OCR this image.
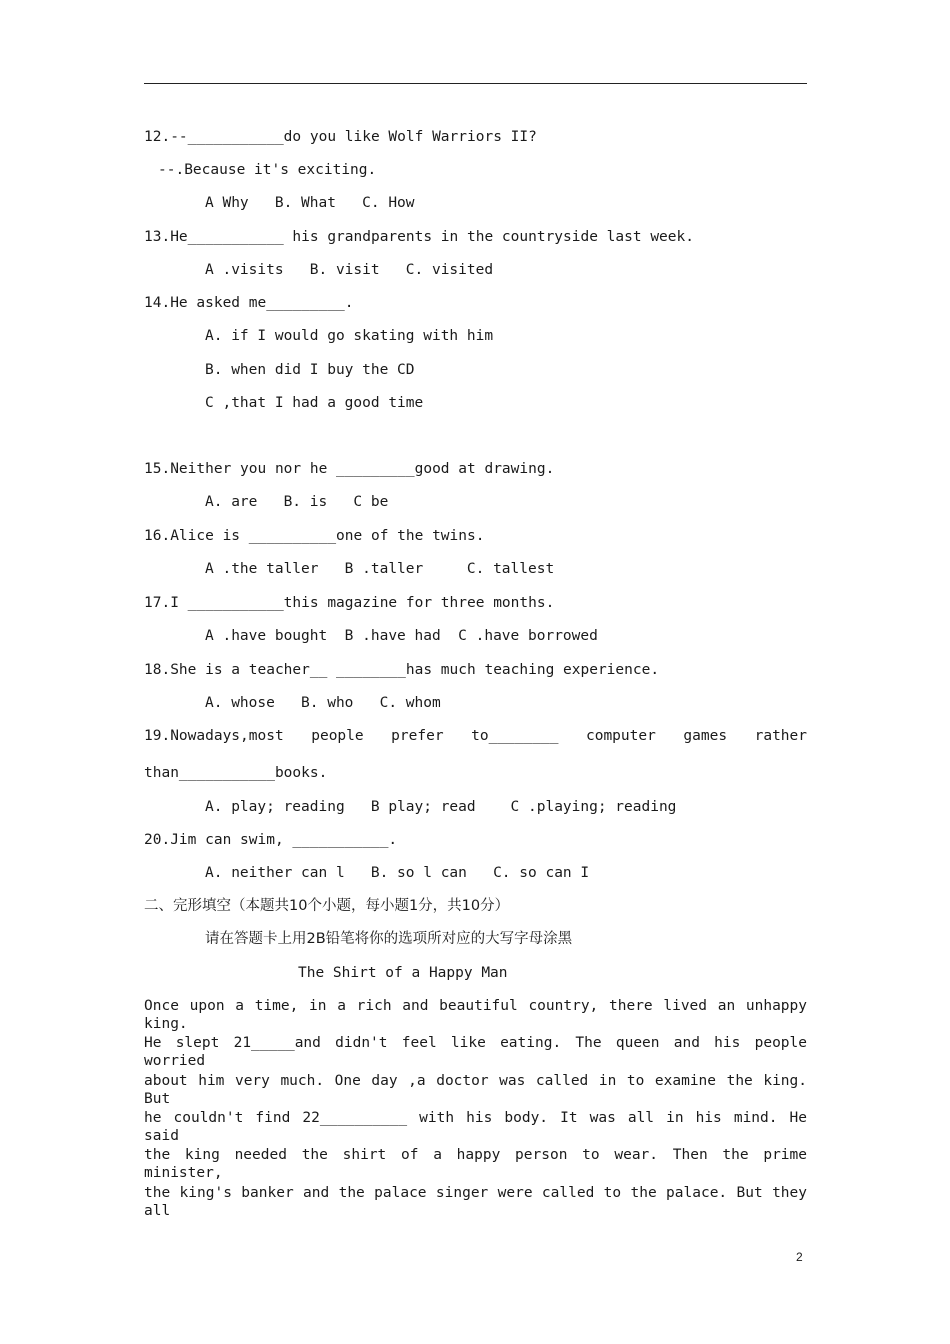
12.--___________do you like Wolf Warriors II?
--.Because it's exciting.
A Why   B. What   C. How
13.He___________ his grandparents in the countryside last week.
A .visits   B. visit   C. visited
14.He asked me_________.
A. if I would go skating with him
B. when did I buy the CD
C ,that I had a good time
15.Neither you nor he _________good at drawing.
A. are   B. is   C be
16.Alice is __________one of the twins.
A .the taller   B .taller     C. tallest
17.I ___________this magazine for three months.
A .have bought  B .have had  C .have borrowed
18.She is a teacher__ ________has much teaching experience.
A. whose   B. who   C. whom
19.Nowadays,most people prefer to________ computer games rather
than___________books.
A. play; reading   B play; read    C .playing; reading
20.Jim can swim, ___________.
A. neither can l   B. so l can   C. so can I
二、完形填空（本题共10个小题，每小题1分，共10分）
请在答题卡上用2B铅笔将你的选项所对应的大写字母涂黑
The Shirt of a Happy Man
Once upon a time, in a rich and beautiful country, there lived an unhappy king.
He slept 21_____and didn't feel like eating. The queen and his people worried
about him very much. One day ,a doctor was called in to examine the king. But
he couldn't find 22__________ with his body. It was all in his mind. He said
the king needed the shirt of a happy person to wear. Then the prime minister,
the king's banker and the palace singer were called to the palace. But they all
2
